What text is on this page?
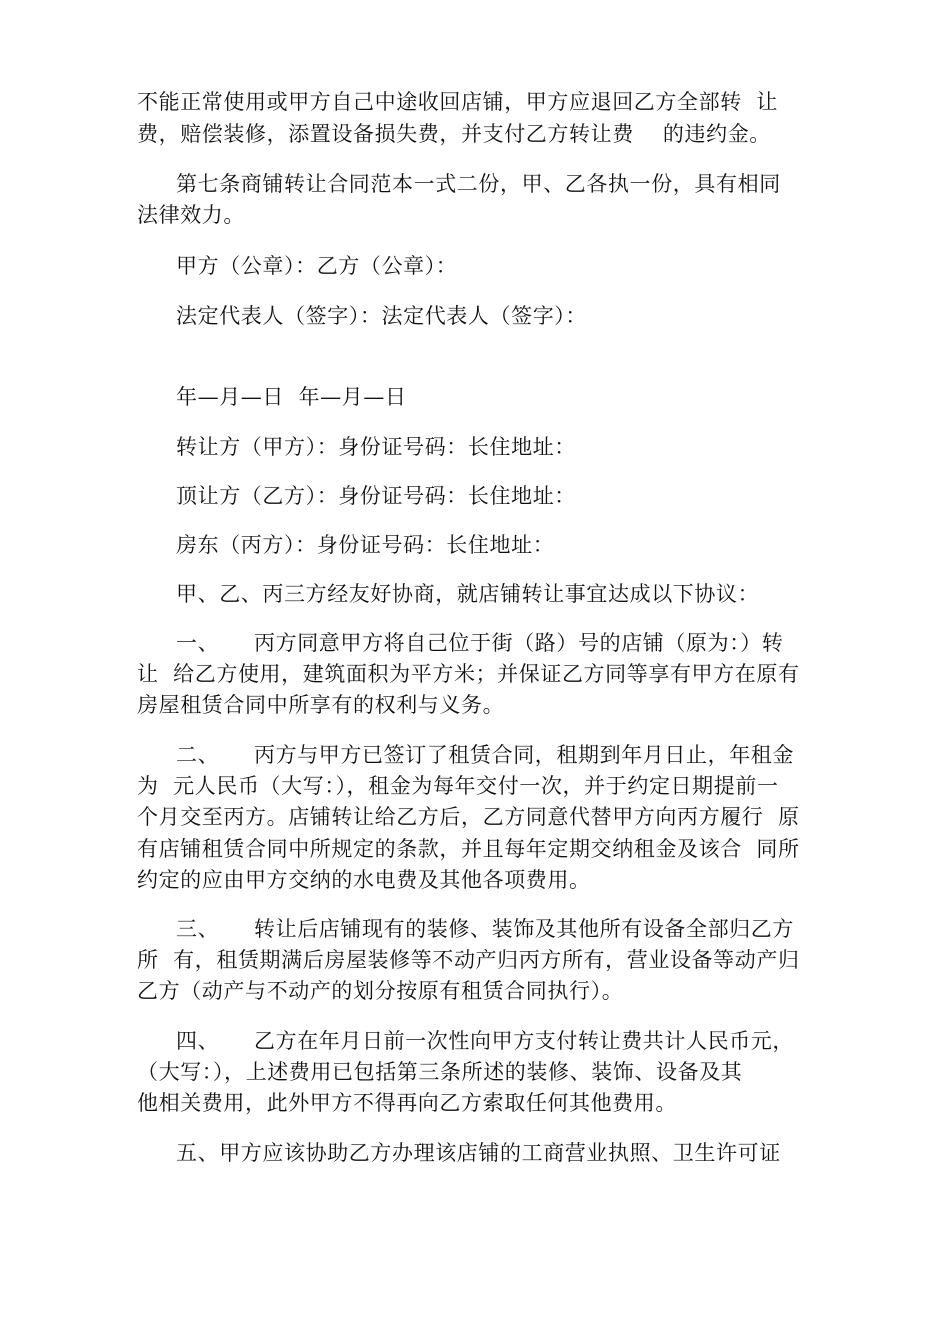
不能正常使用或甲方自己中途收回店铺，甲方应退回乙方全部转  让
费，赔偿装修，添置设备损失费，并支付乙方转让费    的违约金。
第七条商铺转让合同范本一式二份，甲、乙各执一份，具有相同
法律效力。
甲方（公章）：乙方（公章）：
法定代表人（签字）：法定代表人（签字）：
年—月—日  年—月—日
转让方（甲方）：身份证号码：长住地址：
顶让方（乙方）：身份证号码：长住地址：
房东（丙方）：身份证号码：长住地址：
甲、乙、丙三方经友好协商，就店铺转让事宜达成以下协议：
一、 丙方同意甲方将自己位于街（路）号的店铺（原为：）转
让  给乙方使用，建筑面积为平方米；并保证乙方同等享有甲方在原有
房屋租赁合同中所享有的权利与义务。
二、 丙方与甲方已签订了租赁合同，租期到年月日止，年租金
为  元人民币（大写：），租金为每年交付一次，并于约定日期提前一
个月交至丙方。店铺转让给乙方后，乙方同意代替甲方向丙方履行  原
有店铺租赁合同中所规定的条款，并且每年定期交纳租金及该合  同所
约定的应由甲方交纳的水电费及其他各项费用。
三、 转让后店铺现有的装修、装饰及其他所有设备全部归乙方
所  有，租赁期满后房屋装修等不动产归丙方所有，营业设备等动产归
乙方（动产与不动产的划分按原有租赁合同执行）。
四、 乙方在年月日前一次性向甲方支付转让费共计人民币元，
（大写：），上述费用已包括第三条所述的装修、装饰、设备及其
他相关费用，此外甲方不得再向乙方索取任何其他费用。
五、甲方应该协助乙方办理该店铺的工商营业执照、卫生许可证
